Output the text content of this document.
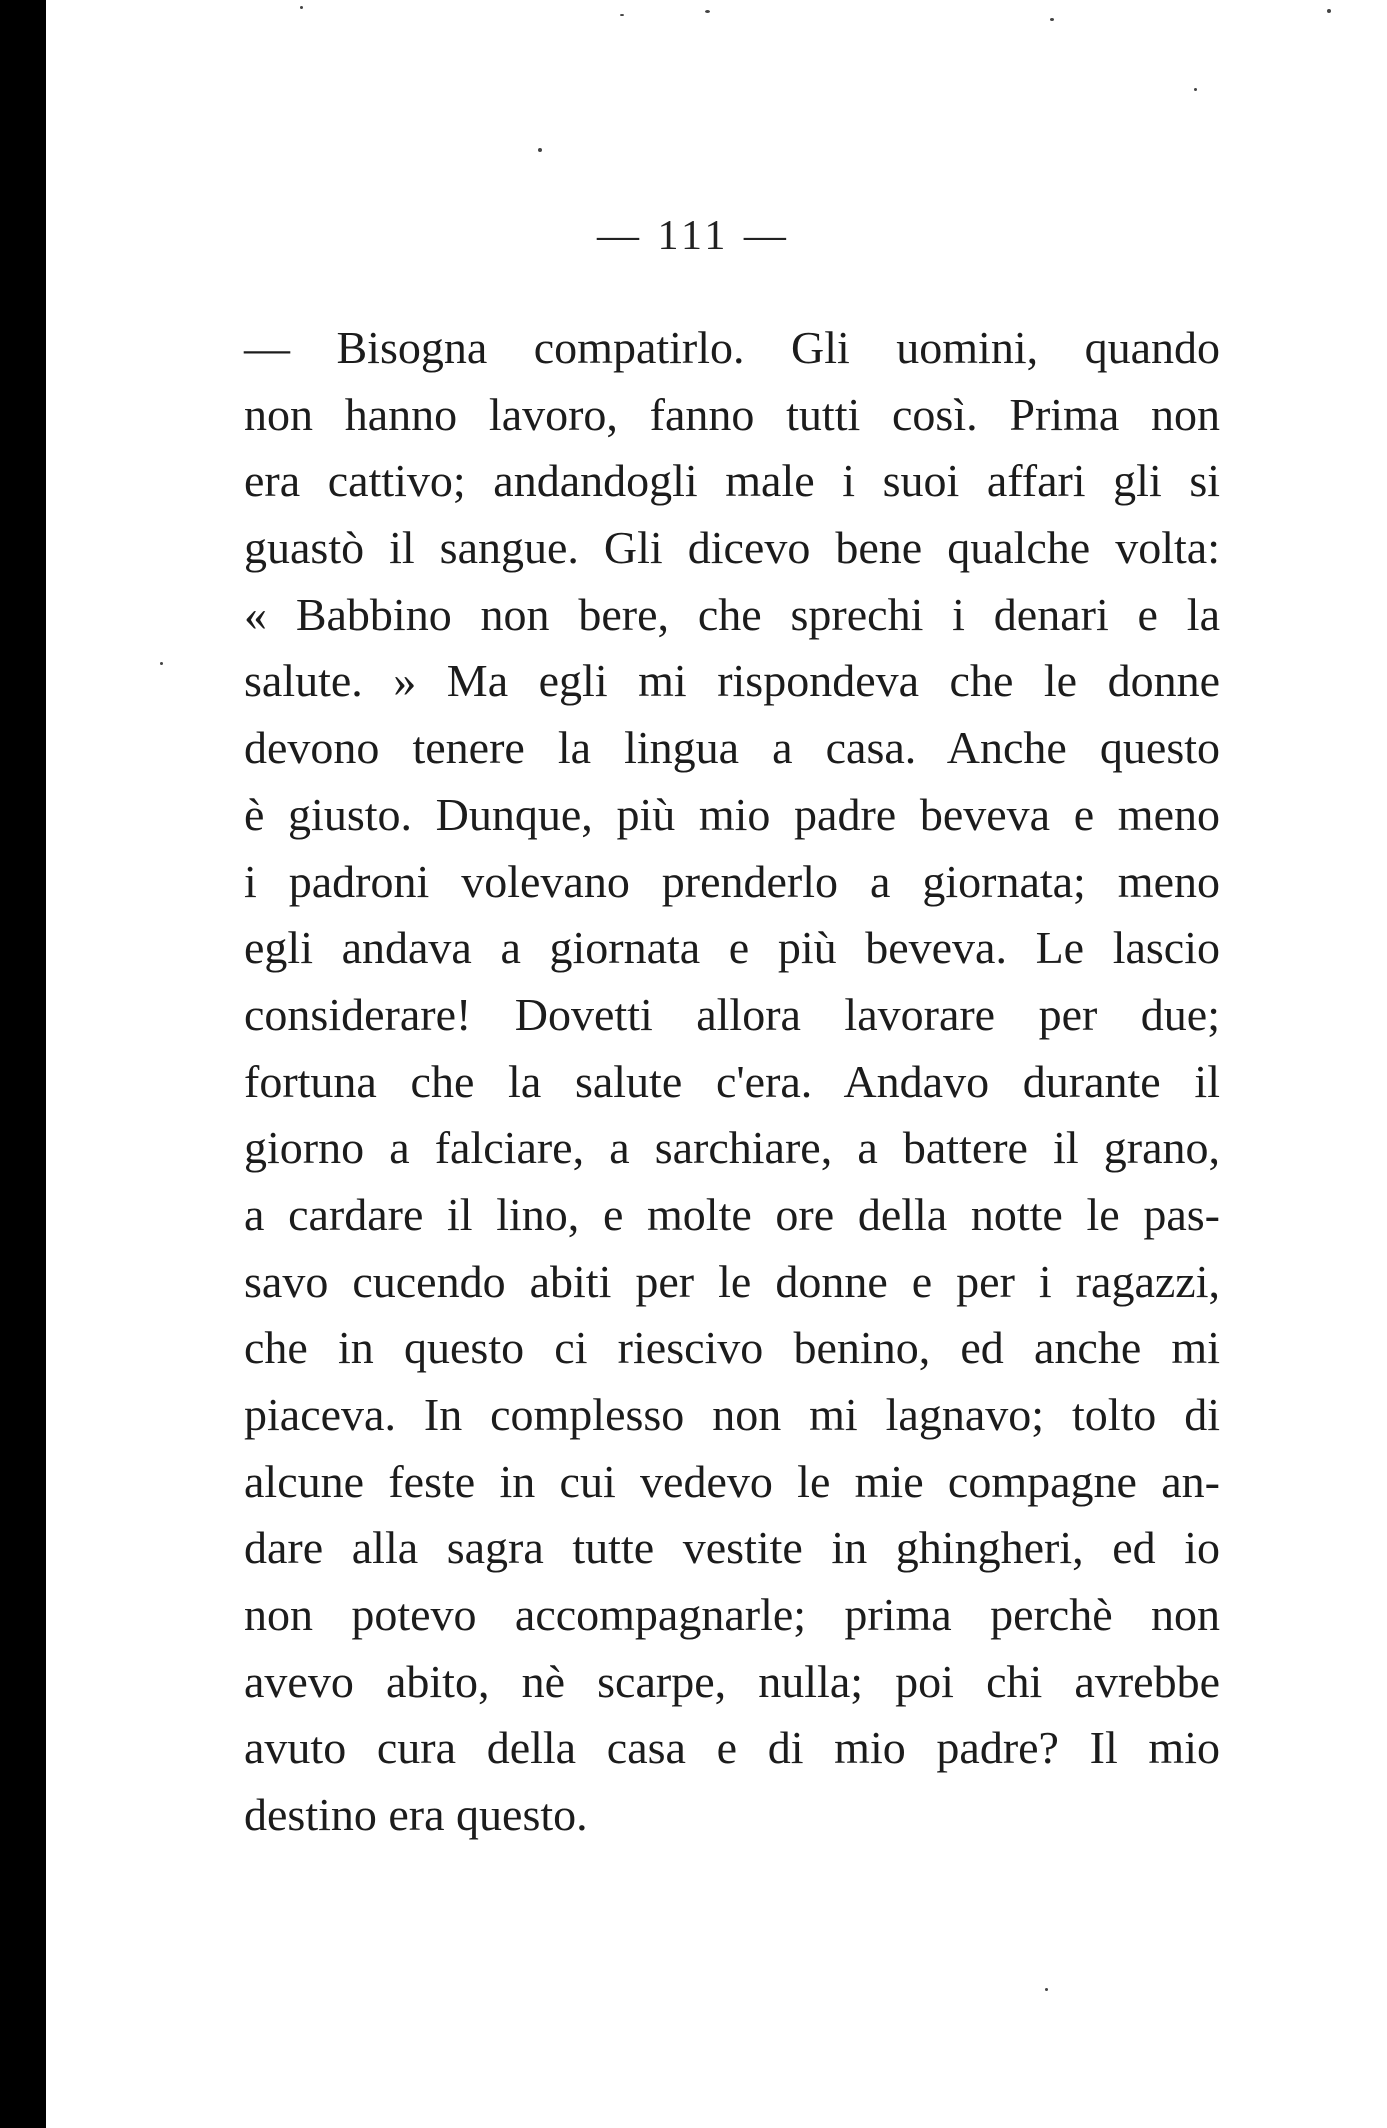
— 111 —
— Bisogna compatirlo. Gli uomini, quando
non hanno lavoro, fanno tutti così. Prima non
era cattivo; andandogli male i suoi affari gli si
guastò il sangue. Gli dicevo bene qualche volta:
« Babbino non bere, che sprechi i denari e la
salute. » Ma egli mi rispondeva che le donne
devono tenere la lingua a casa. Anche questo
è giusto. Dunque, più mio padre beveva e meno
i padroni volevano prenderlo a giornata; meno
egli andava a giornata e più beveva. Le lascio
considerare! Dovetti allora lavorare per due;
fortuna che la salute c'era. Andavo durante il
giorno a falciare, a sarchiare, a battere il grano,
a cardare il lino, e molte ore della notte le pas-
savo cucendo abiti per le donne e per i ragazzi,
che in questo ci riescivo benino, ed anche mi
piaceva. In complesso non mi lagnavo; tolto di
alcune feste in cui vedevo le mie compagne an-
dare alla sagra tutte vestite in ghingheri, ed io
non potevo accompagnarle; prima perchè non
avevo abito, nè scarpe, nulla; poi chi avrebbe
avuto cura della casa e di mio padre? Il mio
destino era questo.
